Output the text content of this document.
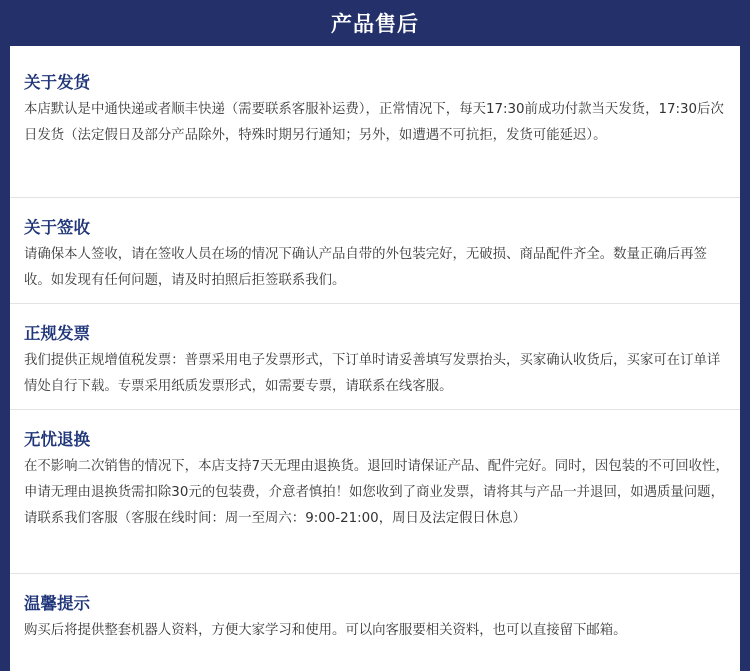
产品售后
关于发货

本店默认是中通快递或者顺丰快递（需要联系客服补运费），正常情况下，每天17:30前成功付款当天发货，17:30后次日发货（法定假日及部分产品除外，特殊时期另行通知；另外，如遭遇不可抗拒，发货可能延迟）。

关于签收

请确保本人签收，请在签收人员在场的情况下确认产品自带的外包装完好，无破损、商品配件齐全。数量正确后再签收。如发现有任何问题，请及时拍照后拒签联系我们。

正规发票

我们提供正规增值税发票：普票采用电子发票形式，下订单时请妥善填写发票抬头，买家确认收货后，买家可在订单详情处自行下载。专票采用纸质发票形式，如需要专票，请联系在线客服。

无忧退换

在不影响二次销售的情况下，本店支持7天无理由退换货。退回时请保证产品、配件完好。同时，因包装的不可回收性，申请无理由退换货需扣除30元的包装费，介意者慎拍！如您收到了商业发票，请将其与产品一并退回，如遇质量问题，请联系我们客服（客服在线时间：周一至周六：9:00-21:00，周日及法定假日休息）

温馨提示

购买后将提供整套机器人资料，方便大家学习和使用。可以向客服要相关资料，也可以直接留下邮箱。
